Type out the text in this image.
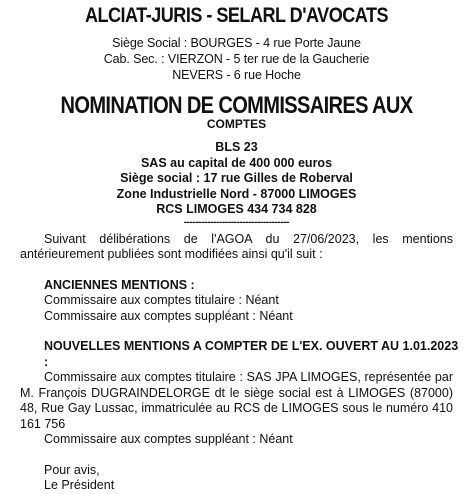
ALCIAT-JURIS - SELARL D'AVOCATS
Siège Social : BOURGES - 4 rue Porte Jaune
Cab. Sec. : VIERZON - 5 ter rue de la Gaucherie
NEVERS - 6 rue Hoche
NOMINATION DE COMMISSAIRES AUX
COMPTES
BLS 23
SAS au capital de 400 000 euros
Siège social : 17 rue Gilles de Roberval
Zone Industrielle Nord - 87000 LIMOGES
RCS LIMOGES 434 734 828
------------------------------------
Suivant délibérations de l'AGOA du 27/06/2023, les mentions antérieurement publiées sont modifiées ainsi qu'il suit :
ANCIENNES MENTIONS :
Commissaire aux comptes titulaire : Néant
Commissaire aux comptes suppléant : Néant
NOUVELLES MENTIONS A COMPTER DE L'EX. OUVERT AU 1.01.2023 :
Commissaire aux comptes titulaire : SAS JPA LIMOGES, représentée par M. François DUGRAINDELORGE dt le siège social est à LIMOGES (87000) 48, Rue Gay Lussac, immatriculée au RCS de LIMOGES sous le numéro 410 161 756
Commissaire aux comptes suppléant : Néant
Pour avis,
Le Président
